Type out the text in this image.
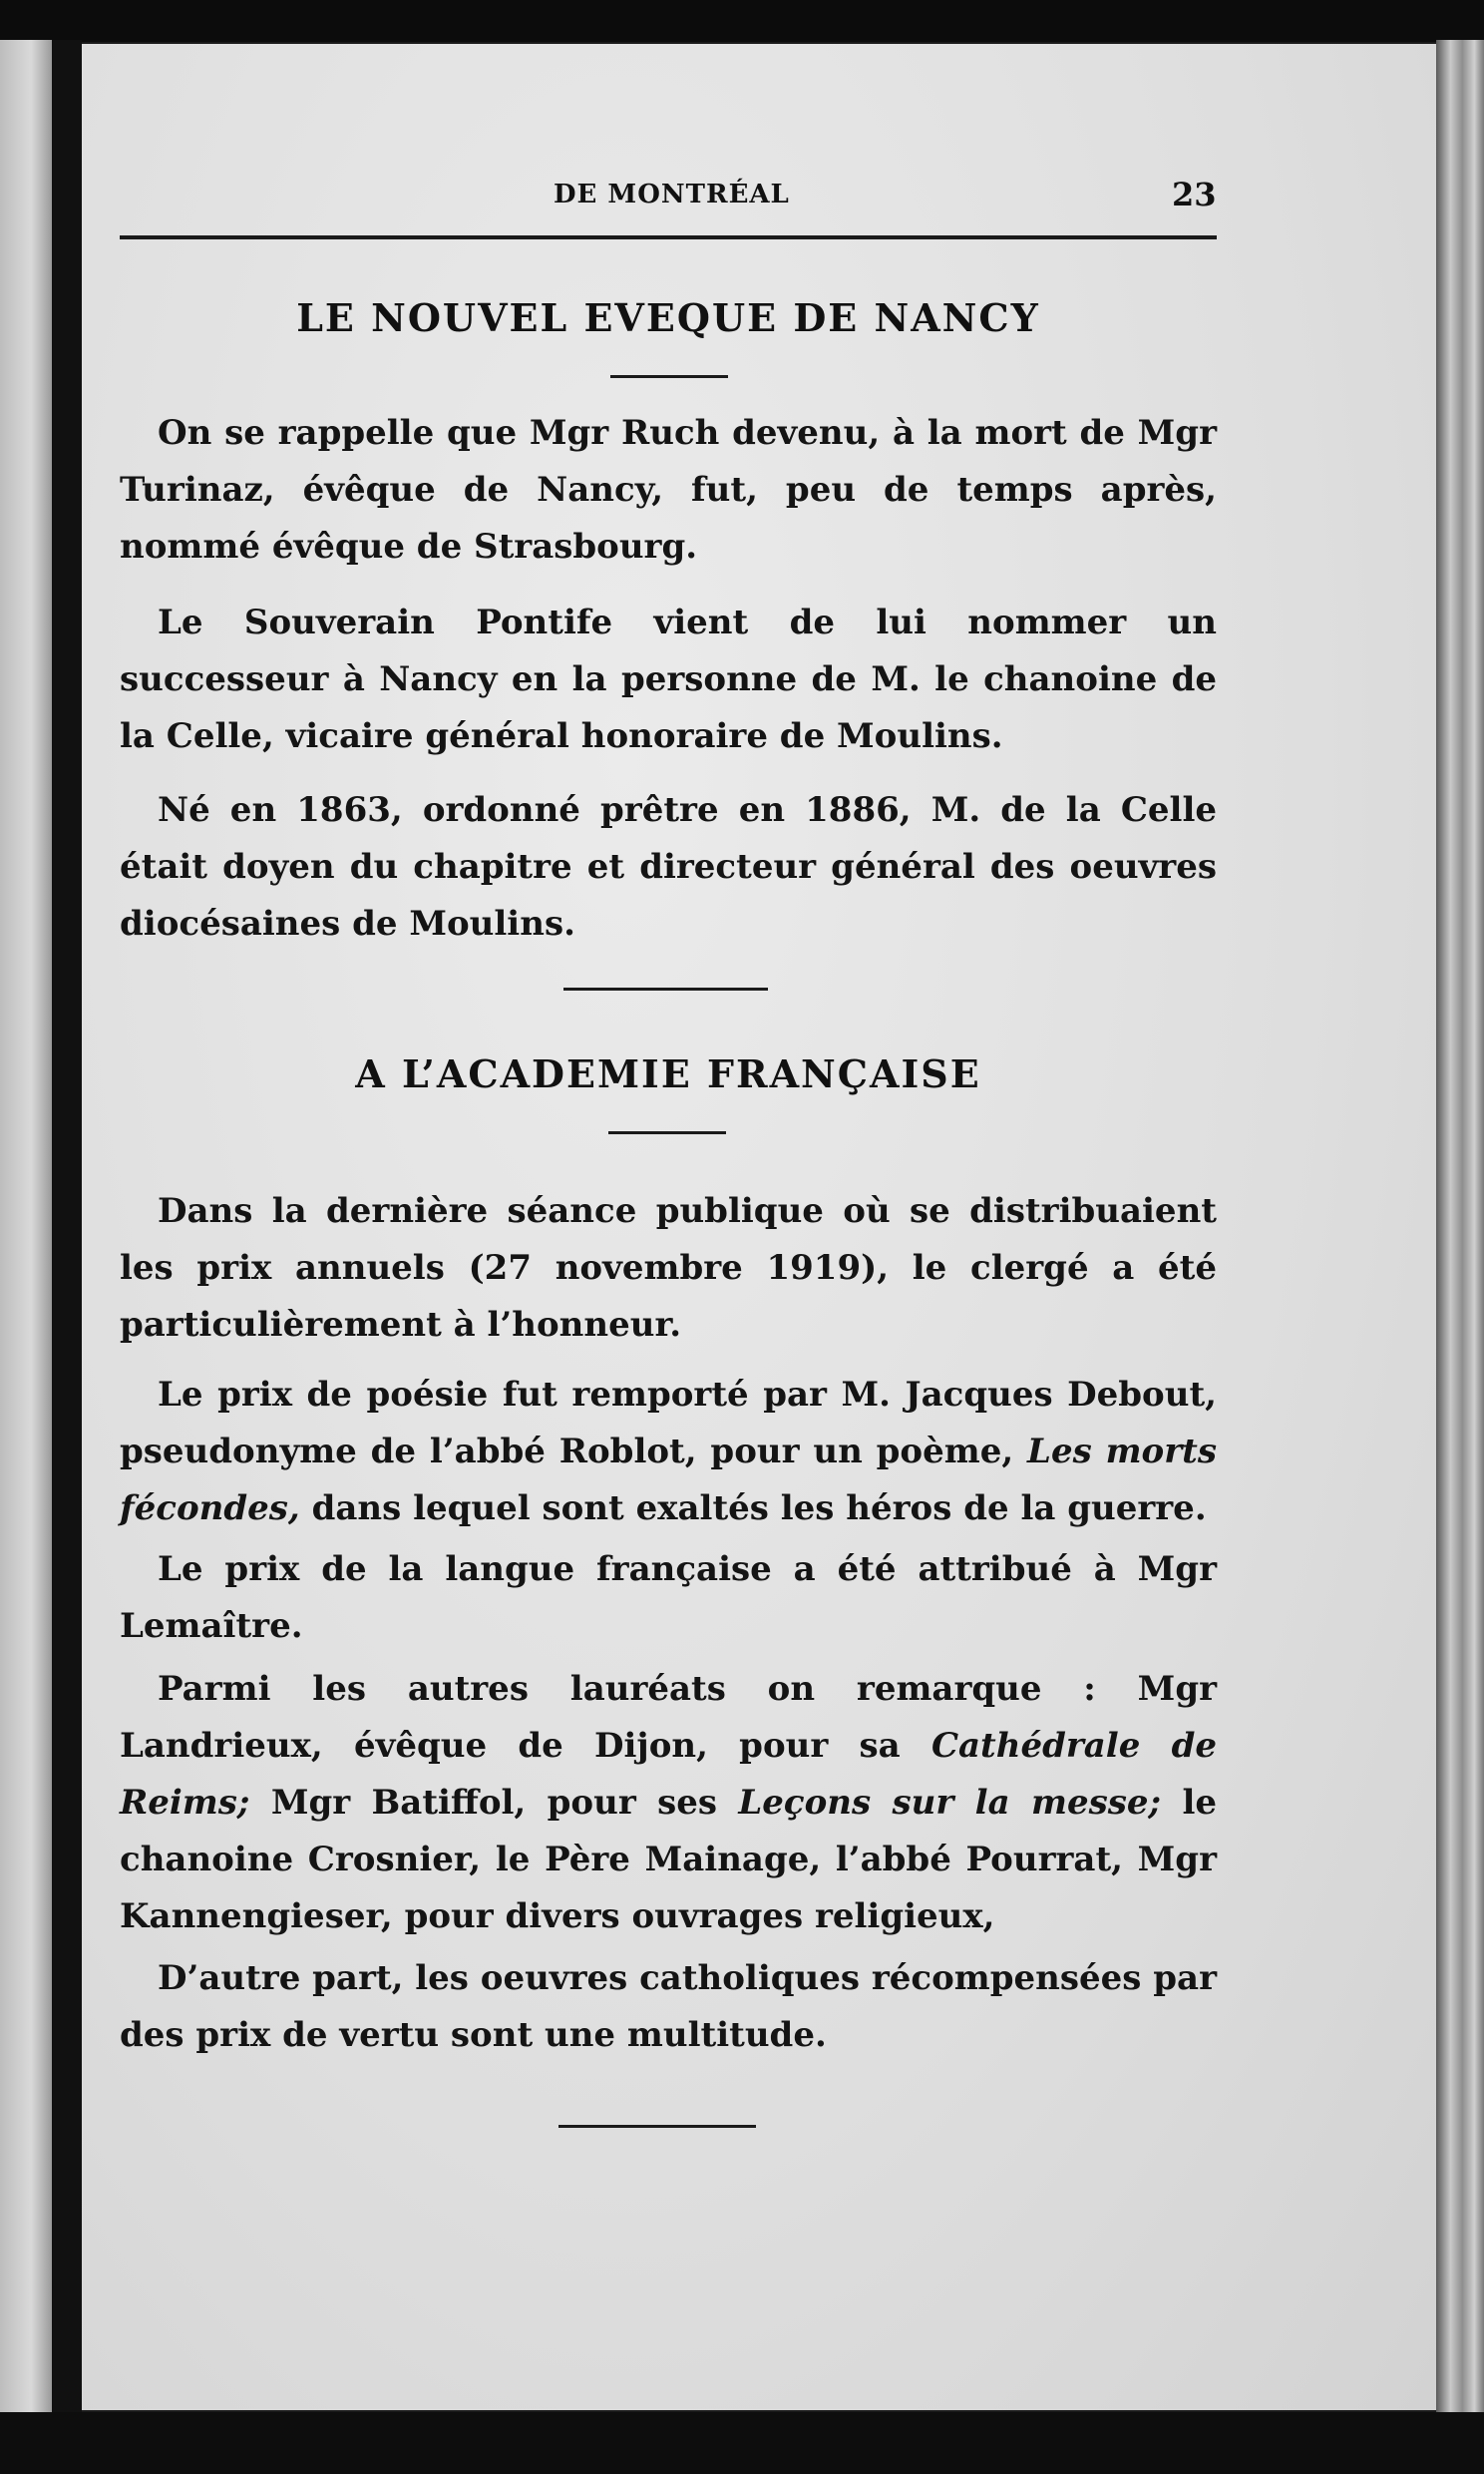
DE MONTRÉAL	23
LE NOUVEL EVEQUE DE NANCY

On se rappelle que Mgr Ruch devenu, à la mort de Mgr Turinaz, évêque de Nancy, fut, peu de temps après, nommé évêque de Strasbourg.

Le Souverain Pontife vient de lui nommer un successeur à Nancy en la personne de M. le chanoine de la Celle, vicaire général honoraire de Moulins.

Né en 1863, ordonné prêtre en 1886, M. de la Celle était doyen du chapitre et directeur général des oeuvres diocésaines de Moulins.

A L’ACADEMIE FRANÇAISE

Dans la dernière séance publique où se distribuaient les prix annuels (27 novembre 1919), le clergé a été particulièrement à l’honneur.

Le prix de poésie fut remporté par M. Jacques Debout, pseudonyme de l’abbé Roblot, pour un poème, Les morts fécondes, dans lequel sont exaltés les héros de la guerre.

Le prix de la langue française a été attribué à Mgr Lemaître.

Parmi les autres lauréats on remarque : Mgr Landrieux, évêque de Dijon, pour sa Cathédrale de Reims; Mgr Batiffol, pour ses Leçons sur la messe; le chanoine Crosnier, le Père Mainage, l’abbé Pourrat, Mgr Kannengieser, pour divers ouvrages religieux,

D’autre part, les oeuvres catholiques récompensées par des prix de vertu sont une multitude.
